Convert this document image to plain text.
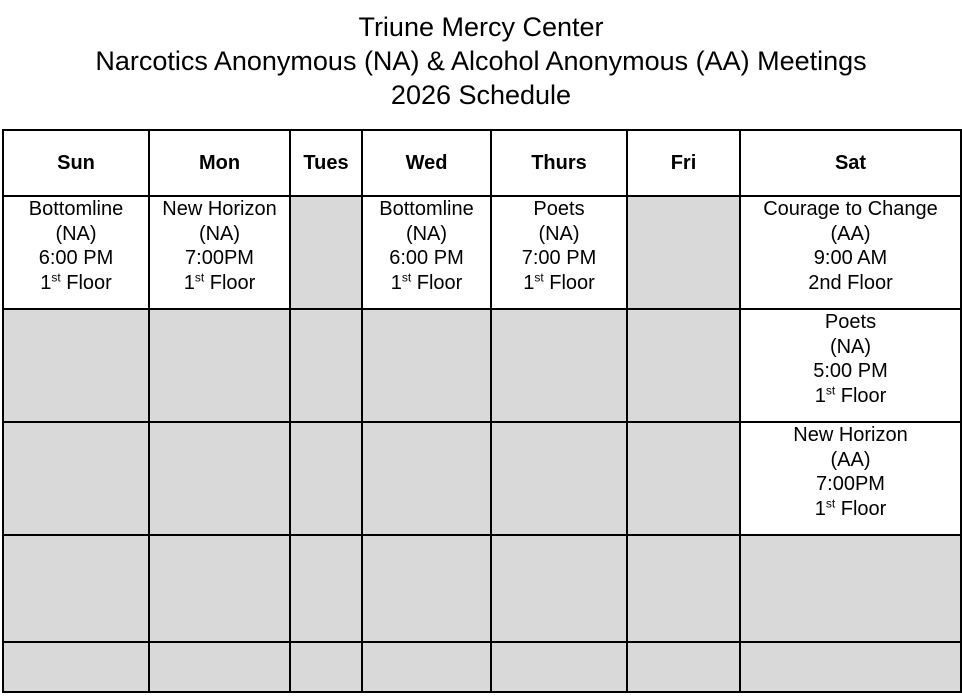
Triune Mercy Center
Narcotics Anonymous (NA) & Alcohol Anonymous (AA) Meetings
2026 Schedule
Sun	Mon	Tues	Wed	Thurs	Fri	Sat

Bottomline
(NA)
6:00 PM
1st Floor	New Horizon
(NA)
7:00PM
1st Floor		Bottomline
(NA)
6:00 PM
1st Floor	Poets
(NA)
7:00 PM
1st Floor		Courage to Change
(AA)
9:00 AM
2nd Floor

						Poets
(NA)
5:00 PM
1st Floor

						New Horizon
(AA)
7:00PM
1st Floor
